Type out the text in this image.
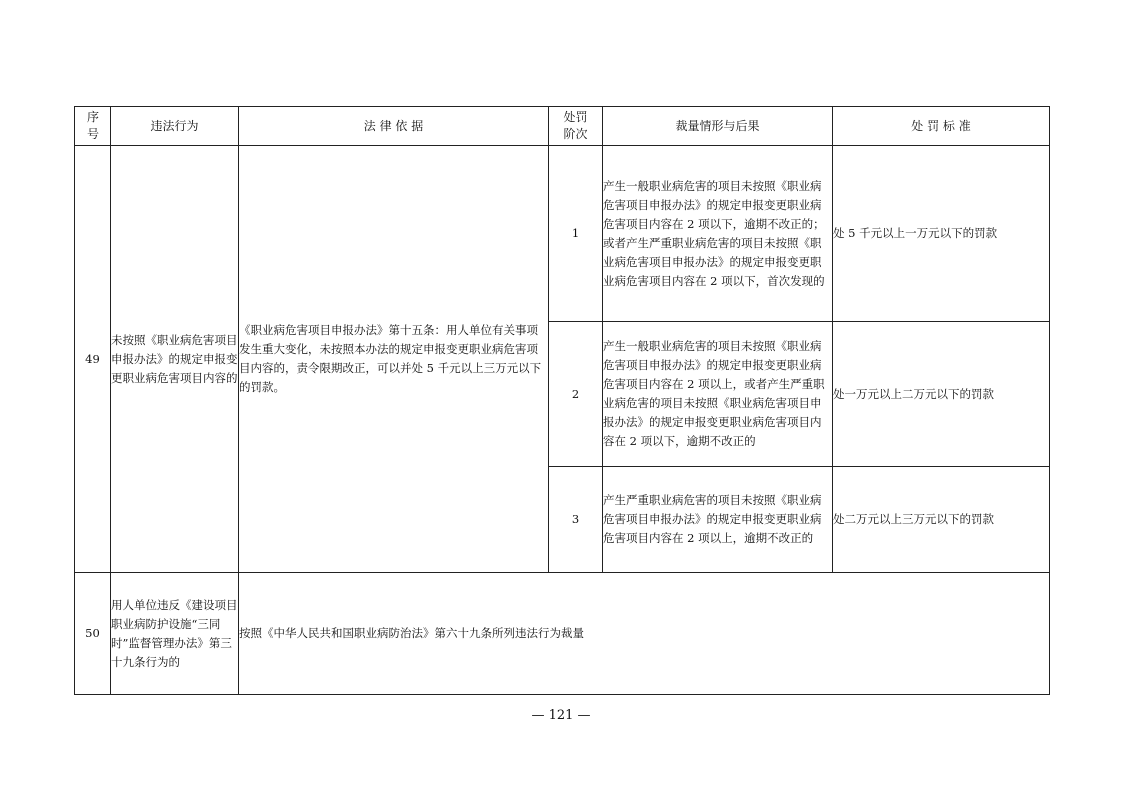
序号	违法行为	法 律 依 据	处罚阶次	裁量情形与后果	处 罚 标 准
49	未按照《职业病危害项目申报办法》的规定申报变更职业病危害项目内容的	《职业病危害项目申报办法》第十五条：用人单位有关事项发生重大变化，未按照本办法的规定申报变更职业病危害项目内容的，责令限期改正，可以并处 5 千元以上三万元以下的罚款。	1	产生一般职业病危害的项目未按照《职业病危害项目申报办法》的规定申报变更职业病危害项目内容在 2 项以下，逾期不改正的；或者产生严重职业病危害的项目未按照《职业病危害项目申报办法》的规定申报变更职业病危害项目内容在 2 项以下，首次发现的	处 5 千元以上一万元以下的罚款
			2	产生一般职业病危害的项目未按照《职业病危害项目申报办法》的规定申报变更职业病危害项目内容在 2 项以上，或者产生严重职业病危害的项目未按照《职业病危害项目申报办法》的规定申报变更职业病危害项目内容在 2 项以下，逾期不改正的	处一万元以上二万元以下的罚款
			3	产生严重职业病危害的项目未按照《职业病危害项目申报办法》的规定申报变更职业病危害项目内容在 2 项以上，逾期不改正的	处二万元以上三万元以下的罚款
50	用人单位违反《建设项目职业病防护设施“三同时”监督管理办法》第三十九条行为的	按照《中华人民共和国职业病防治法》第六十九条所列违法行为裁量			
— 121 —
